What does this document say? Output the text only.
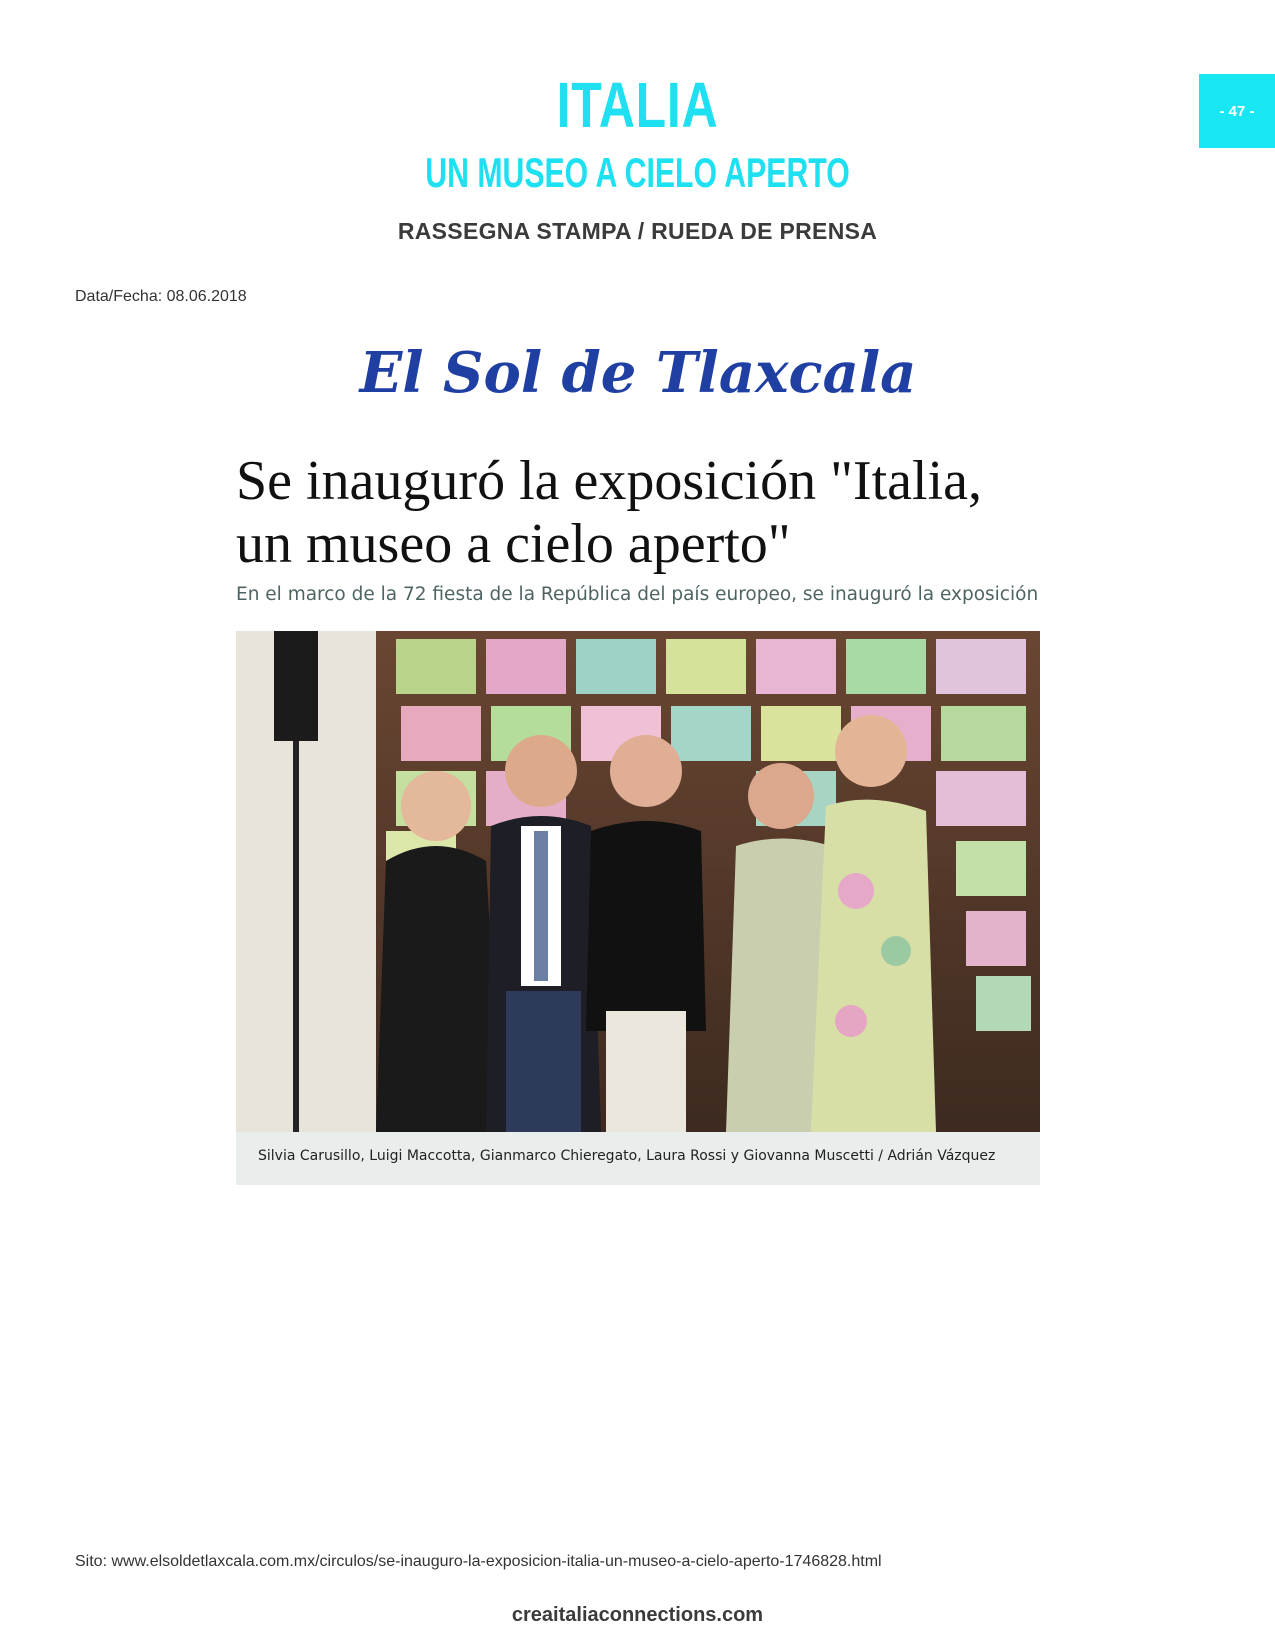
ITALIA
UN MUSEO A CIELO APERTO
RASSEGNA STAMPA / RUEDA DE PRENSA
- 47 -
Data/Fecha: 08.06.2018
El Sol de Tlaxcala
Se inauguró la exposición "Italia,
un museo a cielo aperto"
En el marco de la 72 fiesta de la República del país europeo, se inauguró la exposición
Silvia Carusillo, Luigi Maccotta, Gianmarco Chieregato, Laura Rossi y Giovanna Muscetti / Adrián Vázquez
Sito: www.elsoldetlaxcala.com.mx/circulos/se-inauguro-la-exposicion-italia-un-museo-a-cielo-aperto-1746828.html
creaitaliaconnections.com
